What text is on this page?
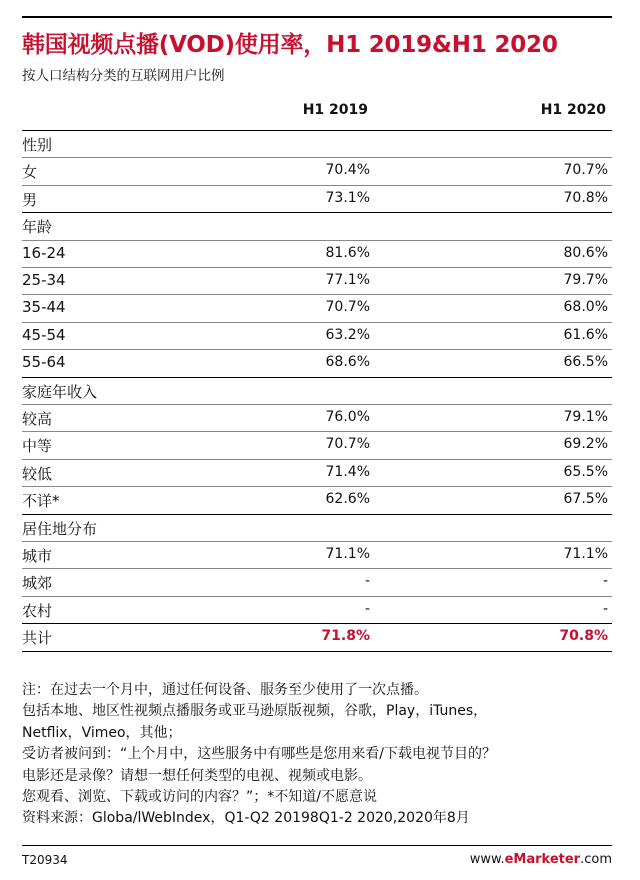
韩国视频点播(VOD)使用率，H1 2019&H1 2020
按人口结构分类的互联网用户比例
H1 2019	H1 2020
性别
女	70.4%	70.7%
男	73.1%	70.8%
年龄
16-24	81.6%	80.6%
25-34	77.1%	79.7%
35-44	70.7%	68.0%
45-54	63.2%	61.6%
55-64	68.6%	66.5%
家庭年收入
较高	76.0%	79.1%
中等	70.7%	69.2%
较低	71.4%	65.5%
不详*	62.6%	67.5%
居住地分布
城市	71.1%	71.1%
城郊	-	-
农村	-	-
共计	71.8%	70.8%
注：在过去一个月中，通过任何设备、服务至少使用了一次点播。
包括本地、地区性视频点播服务或亚马逊原版视频，谷歌，Play，iTunes，
Netflix，Vimeo，其他；
受访者被问到：“上个月中，这些服务中有哪些是您用来看/下载电视节目的？
电影还是录像？请想一想任何类型的电视、视频或电影。
您观看、浏览、下载或访问的内容？”；*不知道/不愿意说
资料来源：Globa/lWebIndex，Q1-Q2 20198Q1-2 2020,2020年8月
T20934	www.eMarketer.com
